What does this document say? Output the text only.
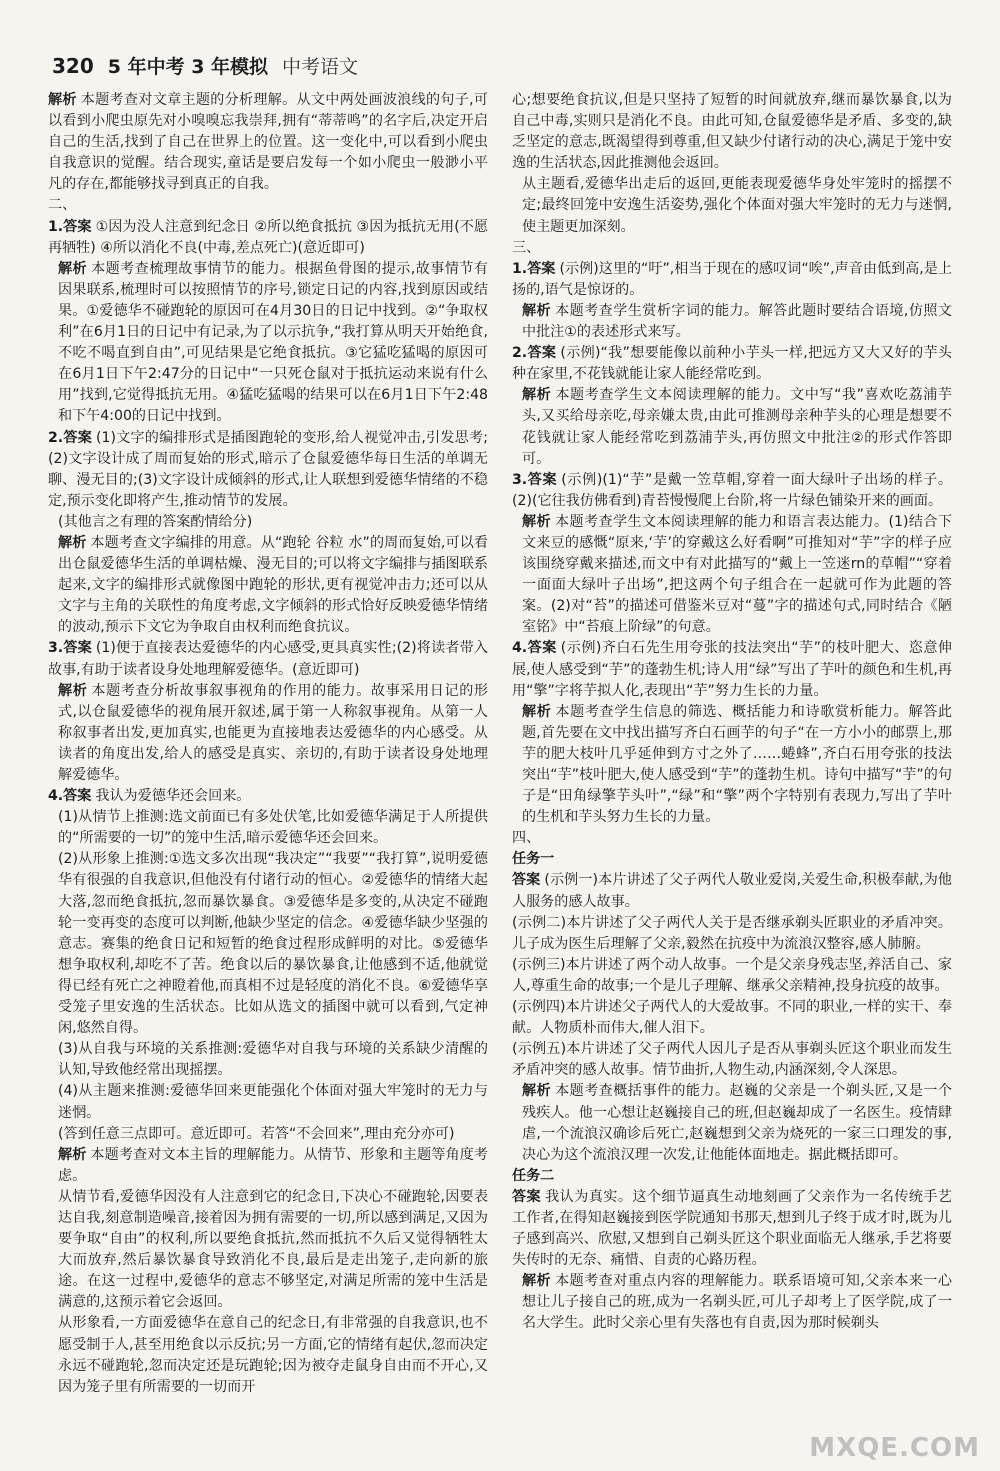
320 5 年中考 3 年模拟 中考语文

解析 本题考查对文章主题的分析理解。从文中两处画波浪线的句子,可以看到小爬虫原先对小嗅嗅忘我崇拜,拥有“蒂蒂鸣”的名字后,决定开启自己的生活,找到了自己在世界上的位置。这一变化中,可以看到小爬虫自我意识的觉醒。结合现实,童话是要启发每一个如小爬虫一般渺小平凡的存在,都能够找寻到真正的自我。

二、

1.答案 ①因为没人注意到纪念日 ②所以绝食抵抗 ③因为抵抗无用(不愿再牺牲) ④所以消化不良(中毒,差点死亡)(意近即可)

解析 本题考查梳理故事情节的能力。根据鱼骨图的提示,故事情节有因果联系,梳理时可以按照情节的序号,锁定日记的内容,找到原因或结果。①爱德华不碰跑轮的原因可在4月30日的日记中找到。②“争取权利”在6月1日的日记中有记录,为了以示抗争,“我打算从明天开始绝食,不吃不喝直到自由”,可见结果是它绝食抵抗。③它猛吃猛喝的原因可在6月1日下午2:47分的日记中“一只死仓鼠对于抵抗运动来说有什么用”找到,它觉得抵抗无用。④猛吃猛喝的结果可以在6月1日下午2:48和下午4:00的日记中找到。

2.答案 (1)文字的编排形式是插图跑轮的变形,给人视觉冲击,引发思考;(2)文字设计成了周而复始的形式,暗示了仓鼠爱德华每日生活的单调无聊、漫无目的;(3)文字设计成倾斜的形式,让人联想到爱德华情绪的不稳定,预示变化即将产生,推动情节的发展。

(其他言之有理的答案酌情给分)

解析 本题考查文字编排的用意。从“跑轮 谷粒 水”的周而复始,可以看出仓鼠爱德华生活的单调枯燥、漫无目的;可以将文字编排与插图联系起来,文字的编排形式就像图中跑轮的形状,更有视觉冲击力;还可以从文字与主角的关联性的角度考虑,文字倾斜的形式恰好反映爱德华情绪的波动,预示下文它为争取自由权利而绝食抗议。

3.答案 (1)便于直接表达爱德华的内心感受,更具真实性;(2)将读者带入故事,有助于读者设身处地理解爱德华。(意近即可)

解析 本题考查分析故事叙事视角的作用的能力。故事采用日记的形式,以仓鼠爱德华的视角展开叙述,属于第一人称叙事视角。从第一人称叙事者出发,更加真实,也能更为直接地表达爱德华的内心感受。从读者的角度出发,给人的感受是真实、亲切的,有助于读者设身处地理解爱德华。

4.答案 我认为爱德华还会回来。

(1)从情节上推测:选文前面已有多处伏笔,比如爱德华满足于人所提供的“所需要的一切”的笼中生活,暗示爱德华还会回来。

(2)从形象上推测:①选文多次出现“我决定”“我要”“我打算”,说明爱德华有很强的自我意识,但他没有付诸行动的恒心。②爱德华的情绪大起大落,忽而绝食抵抗,忽而暴饮暴食。③爱德华是多变的,从决定不碰跑轮一变再变的态度可以判断,他缺少坚定的信念。④爱德华缺少坚强的意志。赛集的绝食日记和短暂的绝食过程形成鲜明的对比。⑤爱德华想争取权利,却吃不了苦。绝食以后的暴饮暴食,让他感到不适,他就觉得已经有死亡之神瞪着他,而真相不过是轻度的消化不良。⑥爱德华享受笼子里安逸的生活状态。比如从选文的插图中就可以看到,气定神闲,悠然自得。

(3)从自我与环境的关系推测:爱德华对自我与环境的关系缺少清醒的认知,导致他经常出现摇摆。

(4)从主题来推测:爱德华回来更能强化个体面对强大牢笼时的无力与迷惘。

(答到任意三点即可。意近即可。若答“不会回来”,理由充分亦可)

解析 本题考查对文本主旨的理解能力。从情节、形象和主题等角度考虑。

从情节看,爱德华因没有人注意到它的纪念日,下决心不碰跑轮,因要表达自我,刻意制造噪音,接着因为拥有需要的一切,所以感到满足,又因为要争取“自由”的权利,所以要绝食抵抗,然而抵抗不久后又觉得牺牲太大而放弃,然后暴饮暴食导致消化不良,最后是走出笼子,走向新的旅途。在这一过程中,爱德华的意志不够坚定,对满足所需的笼中生活是满意的,这预示着它会返回。

从形象看,一方面爱德华在意自己的纪念日,有非常强的自我意识,也不愿受制于人,甚至用绝食以示反抗;另一方面,它的情绪有起伏,忽而决定永远不碰跑轮,忽而决定还是玩跑轮;因为被夺走鼠身自由而不开心,又因为笼子里有所需要的一切而开

心;想要绝食抗议,但是只坚持了短暂的时间就放弃,继而暴饮暴食,以为自己中毒,实则只是消化不良。由此可知,仓鼠爱德华是矛盾、多变的,缺乏坚定的意志,既渴望得到尊重,但又缺少付诸行动的决心,满足于笼中安逸的生活状态,因此推测他会返回。

从主题看,爱德华出走后的返回,更能表现爱德华身处牢笼时的摇摆不定;最终回笼中安逸生活姿势,强化个体面对强大牢笼时的无力与迷惘,使主题更加深刻。

三、

1.答案 (示例)这里的“吁”,相当于现在的感叹词“唉”,声音由低到高,是上扬的,语气是惊讶的。

解析 本题考查学生赏析字词的能力。解答此题时要结合语境,仿照文中批注①的表述形式来写。

2.答案 (示例)“我”想要能像以前种小芋头一样,把远方又大又好的芋头种在家里,不花钱就能让家人能经常吃到。

解析 本题考查学生文本阅读理解的能力。文中写“我”喜欢吃荔浦芋头,又买给母亲吃,母亲嫌太贵,由此可推测母亲种芋头的心理是想要不花钱就让家人能经常吃到荔浦芋头,再仿照文中批注②的形式作答即可。

3.答案 (示例)(1)“芋”是戴一笠草帽,穿着一面大绿叶子出场的样子。(2)(它往我仿佛看到)青苔慢慢爬上台阶,将一片绿色铺染开来的画面。

解析 本题考查学生文本阅读理解的能力和语言表达能力。(1)结合下文来豆的感慨“原来,‘芋’的穿戴这么好看啊”可推知对“芋”字的样子应该围绕穿戴来描述,而文中有对此描写的“戴上一笠迷rn的草帽”“穿着一面面大绿叶子出场”,把这两个句子组合在一起就可作为此题的答案。(2)对“苔”的描述可借鉴米豆对“蔓”字的描述句式,同时结合《陋室铭》中“苔痕上阶绿”的句意。

4.答案 (示例)齐白石先生用夸张的技法突出“芋”的枝叶肥大、恣意伸展,使人感受到“芋”的蓬勃生机;诗人用“绿”写出了芋叶的颜色和生机,再用“擎”字将芋拟人化,表现出“芋”努力生长的力量。

解析 本题考查学生信息的筛选、概括能力和诗歌赏析能力。解答此题,首先要在文中找出描写齐白石画芋的句子“在一方小小的邮票上,那芋的肥大枝叶几乎延伸到方寸之外了……蜷蜂”,齐白石用夸张的技法突出“芋”枝叶肥大,使人感受到“芋”的蓬勃生机。诗句中描写“芋”的句子是“田角绿擎芋头叶”,“绿”和“擎”两个字特别有表现力,写出了芋叶的生机和芋头努力生长的力量。

四、

任务一

答案 (示例一)本片讲述了父子两代人敬业爱岗,关爱生命,积极奉献,为他人服务的感人故事。

(示例二)本片讲述了父子两代人关于是否继承剃头匠职业的矛盾冲突。儿子成为医生后理解了父亲,毅然在抗疫中为流浪汉整容,感人肺腑。

(示例三)本片讲述了两个动人故事。一个是父亲身残志坚,养活自己、家人,尊重生命的故事;一个是儿子理解、继承父亲精神,投身抗疫的故事。

(示例四)本片讲述父子两代人的大爱故事。不同的职业,一样的实干、奉献。人物质朴而伟大,催人泪下。

(示例五)本片讲述了父子两代人因儿子是否从事剃头匠这个职业而发生矛盾冲突的感人故事。情节曲折,人物生动,内涵深刻,令人深思。

解析 本题考查概括事件的能力。赵巍的父亲是一个剃头匠,又是一个残疾人。他一心想让赵巍接自己的班,但赵巍却成了一名医生。疫情肆虐,一个流浪汉确诊后死亡,赵巍想到父亲为烧死的一家三口理发的事,决心为这个流浪汉理一次发,让他能体面地走。据此概括即可。

任务二

答案 我认为真实。这个细节逼真生动地刻画了父亲作为一名传统手艺工作者,在得知赵巍接到医学院通知书那天,想到儿子终于成才时,既为儿子感到高兴、欣慰,又想到自己剃头匠这个职业面临无人继承,手艺将要失传时的无奈、痛惜、自责的心路历程。

解析 本题考查对重点内容的理解能力。联系语境可知,父亲本来一心想让儿子接自己的班,成为一名剃头匠,可儿子却考上了医学院,成了一名大学生。此时父亲心里有失落也有自责,因为那时候剃头

MXQE.COM
